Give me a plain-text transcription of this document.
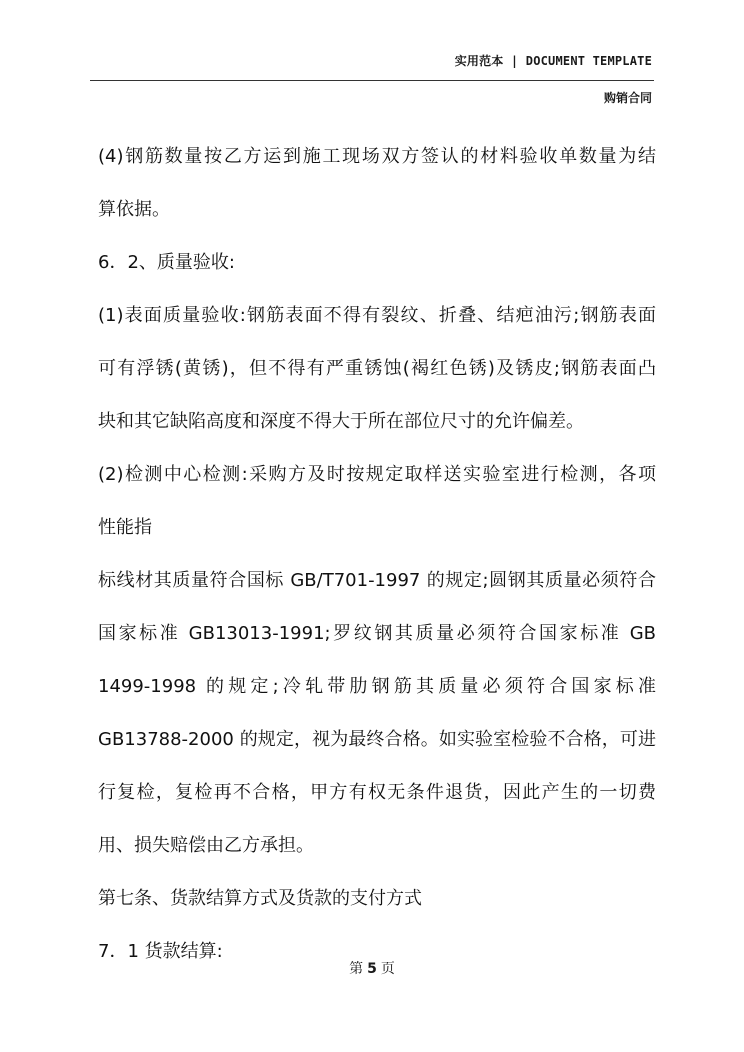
实用范本 | DOCUMENT TEMPLATE
购销合同
(4)钢筋数量按乙方运到施工现场双方签认的材料验收单数量为结
算依据。
6．2、质量验收:
(1)表面质量验收:钢筋表面不得有裂纹、折叠、结疤油污;钢筋表面
可有浮锈(黄锈)，但不得有严重锈蚀(褐红色锈)及锈皮;钢筋表面凸
块和其它缺陷高度和深度不得大于所在部位尺寸的允许偏差。
(2)检测中心检测:采购方及时按规定取样送实验室进行检测，各项
性能指
标线材其质量符合国标 GB/T701-1997 的规定;圆钢其质量必须符合
国家标准 GB13013-1991;罗纹钢其质量必须符合国家标准 GB
1499-1998 的规定;冷轧带肋钢筋其质量必须符合国家标准
GB13788-2000 的规定，视为最终合格。如实验室检验不合格，可进
行复检，复检再不合格，甲方有权无条件退货，因此产生的一切费
用、损失赔偿由乙方承担。
第七条、货款结算方式及货款的支付方式
7．1 货款结算:
第 5 页
